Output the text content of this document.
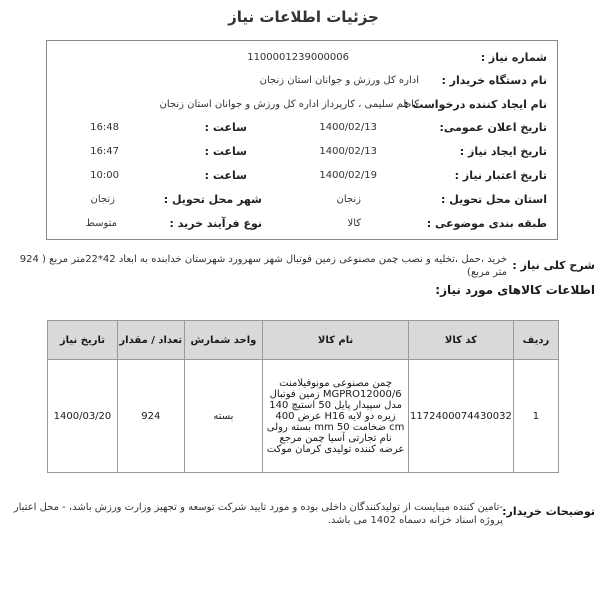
جزئیات اطلاعات نیاز
شماره نیاز :
1100001239000006
نام دستگاه خریدار :
اداره کل ورزش و جوانان استان زنجان
نام ایجاد کننده درخواست :
کاظم سلیمی ، کارپرداز اداره کل ورزش و جوانان استان زنجان
تاریخ اعلان عمومی:
1400/02/13
ساعت :
16:48
تاریخ ایجاد نیاز :
1400/02/13
ساعت :
16:47
تاریخ اعتبار نیاز :
1400/02/19
ساعت :
10:00
استان محل تحویل :
زنجان
شهر محل تحویل :
زنجان
طبقه بندی موضوعی :
کالا
نوع فرآیند خرید :
متوسط
شرح کلی نیاز :
خرید ،حمل ،تخلیه و نصب چمن مصنوعی زمین فوتبال شهر سهرورد شهرستان خدابنده به ابعاد 42*22متر مربع ( 924 متر مربع)
اطلاعات کالاهای مورد نیاز:
ردیف	کد کالا	نام کالا	واحد شمارش	تعداد / مقدار	تاریخ نیاز
1	1172400074430032	چمن مصنوعی مونوفیلامنت MGPRO12000/6 زمین فوتبال مدل سپیدار پایل 50 استیچ 140 زیره دو لایه H16 عرض 400 cm ضخامت 50 mm بسته رولی نام تجارتی آسیا چمن مرجع عرضه کننده تولیدی کرمان موکت	بسته	924	1400/03/20
توضیحات خریدار:
-تامین کننده میبایست از تولیدکنندگان داخلی بوده و مورد تایید شرکت توسعه و تجهیز وزارت ورزش باشد، - محل اعتبار پروژه اسناد خزانه دسماه 1402 می باشد.
